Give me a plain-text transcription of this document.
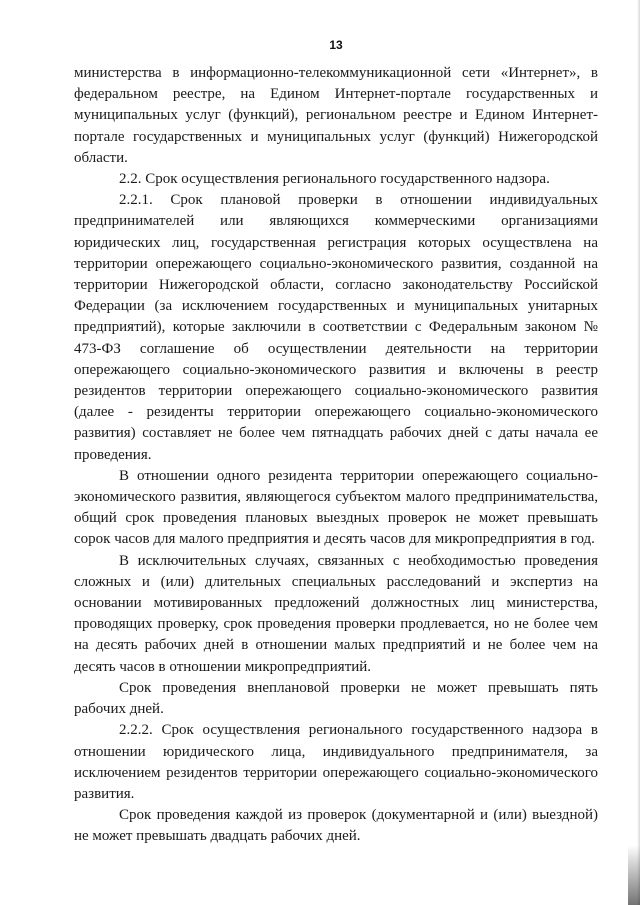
13

министерства в информационно-телекоммуникационной сети «Интернет», в федеральном реестре, на Едином Интернет-портале государственных и муниципальных услуг (функций), региональном реестре и Едином Интернет-портале государственных и муниципальных услуг (функций) Нижегородской области.

2.2. Срок осуществления регионального государственного надзора.

2.2.1. Срок плановой проверки в отношении индивидуальных предпринимателей или являющихся коммерческими организациями юридических лиц, государственная регистрация которых осуществлена на территории опережающего социально-экономического развития, созданной на территории Нижегородской области, согласно законодательству Российской Федерации (за исключением государственных и муниципальных унитарных предприятий), которые заключили в соответствии с Федеральным законом № 473-ФЗ соглашение об осуществлении деятельности на территории опережающего социально-экономического развития и включены в реестр резидентов территории опережающего социально-экономического развития (далее - резиденты территории опережающего социально-экономического развития) составляет не более чем пятнадцать рабочих дней с даты начала ее проведения.

В отношении одного резидента территории опережающего социально-экономического развития, являющегося субъектом малого предпринимательства, общий срок проведения плановых выездных проверок не может превышать сорок часов для малого предприятия и десять часов для микропредприятия в год.

В исключительных случаях, связанных с необходимостью проведения сложных и (или) длительных специальных расследований и экспертиз на основании мотивированных предложений должностных лиц министерства, проводящих проверку, срок проведения проверки продлевается, но не более чем на десять рабочих дней в отношении малых предприятий и не более чем на десять часов в отношении микропредприятий.

Срок проведения внеплановой проверки не может превышать пять рабочих дней.

2.2.2. Срок осуществления регионального государственного надзора в отношении юридического лица, индивидуального предпринимателя, за исключением резидентов территории опережающего социально-экономического развития.

Срок проведения каждой из проверок (документарной и (или) выездной) не может превышать двадцать рабочих дней.
